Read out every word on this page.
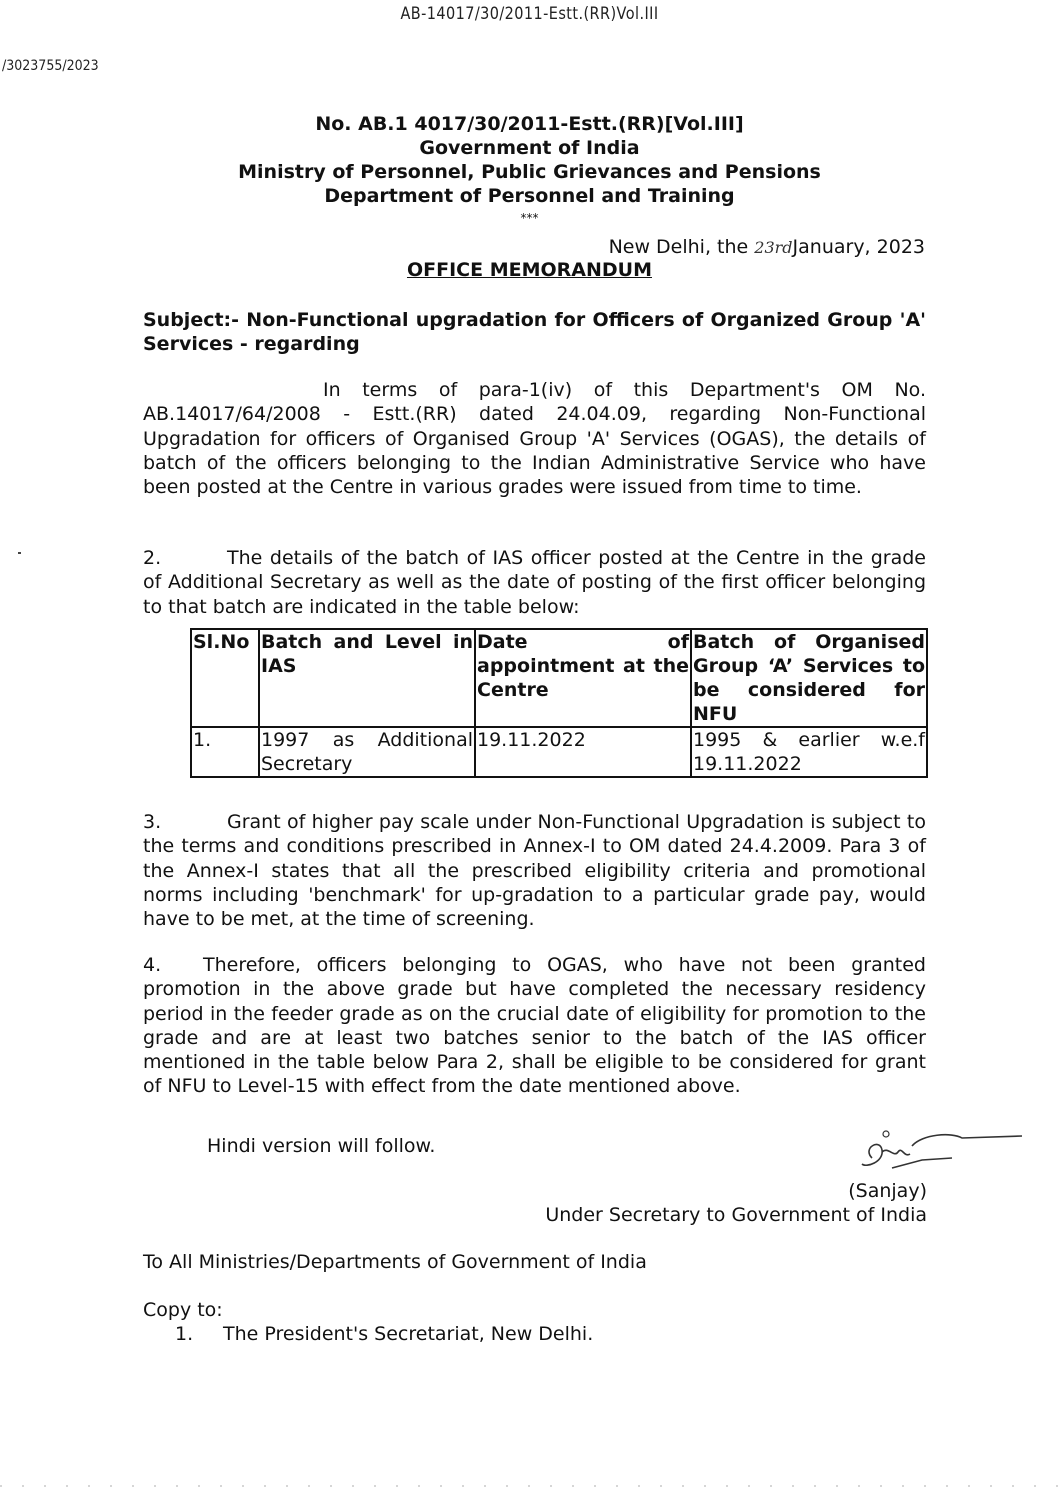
AB-14017/30/2011-Estt.(RR)Vol.III
/3023755/2023
No. AB.1 4017/30/2011-Estt.(RR)[Vol.III]
Government of India
Ministry of Personnel, Public Grievances and Pensions
Department of Personnel and Training
***
New Delhi, the 23rdJanuary, 2023
OFFICE MEMORANDUM
Subject:- Non-Functional upgradation for Officers of Organized Group 'A' Services - regarding
In terms of para-1(iv) of this Department's OM No. AB.14017/64/2008 - Estt.(RR) dated 24.04.09, regarding Non-Functional Upgradation for officers of Organised Group 'A' Services (OGAS), the details of batch of the officers belonging to the Indian Administrative Service who have been posted at the Centre in various grades were issued from time to time.
2.	The details of the batch of IAS officer posted at the Centre in the grade of Additional Secretary as well as the date of posting of the first officer belonging to that batch are indicated in the table below:
Sl.No	Batch and Level in IAS	Date of appointment at the Centre	Batch of Organised Group ‘A’ Services to be considered for NFU
1.	1997 as Additional Secretary	19.11.2022	1995 & earlier w.e.f 19.11.2022
3.	Grant of higher pay scale under Non-Functional Upgradation is subject to the terms and conditions prescribed in Annex-I to OM dated 24.4.2009. Para 3 of the Annex-I states that all the prescribed eligibility criteria and promotional norms including 'benchmark' for up-gradation to a particular grade pay, would have to be met, at the time of screening.
4. Therefore, officers belonging to OGAS, who have not been granted promotion in the above grade but have completed the necessary residency period in the feeder grade as on the crucial date of eligibility for promotion to the grade and are at least two batches senior to the batch of the IAS officer mentioned in the table below Para 2, shall be eligible to be considered for grant of NFU to Level-15 with effect from the date mentioned above.
Hindi version will follow.
(Sanjay)
Under Secretary to Government of India
To All Ministries/Departments of Government of India
Copy to:
1. The President's Secretariat, New Delhi.
